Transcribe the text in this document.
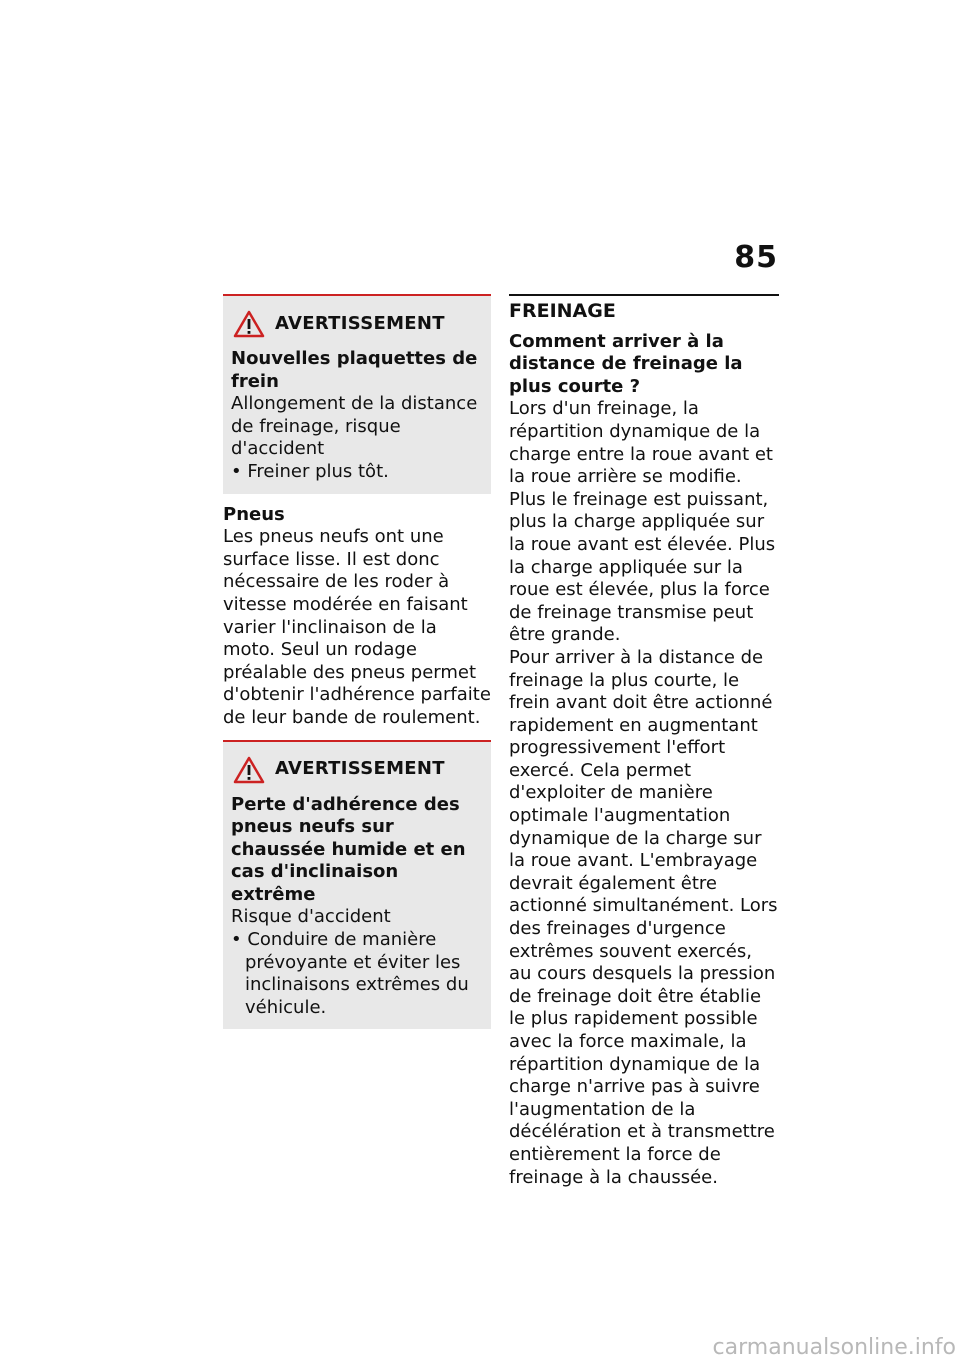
85
AVERTISSEMENT

Nouvelles plaquettes de frein

Allongement de la distance de freinage, risque d'accident

• Freiner plus tôt.

Pneus

Les pneus neufs ont une surface lisse. Il est donc nécessaire de les roder à vitesse modérée en faisant varier l'inclinaison de la moto. Seul un rodage préalable des pneus permet d'obtenir l'adhérence parfaite de leur bande de roulement.

AVERTISSEMENT

Perte d'adhérence des pneus neufs sur chaussée humide et en cas d'inclinaison extrême

Risque d'accident

• Conduire de manière prévoyante et éviter les inclinaisons extrêmes du véhicule.

FREINAGE

Comment arriver à la distance de freinage la plus courte ?

Lors d'un freinage, la répartition dynamique de la charge entre la roue avant et la roue arrière se modifie. Plus le freinage est puissant, plus la charge appliquée sur la roue avant est élevée. Plus la charge appliquée sur la roue est élevée, plus la force de freinage transmise peut être grande.

Pour arriver à la distance de freinage la plus courte, le frein avant doit être actionné rapidement en augmentant progressivement l'effort exercé. Cela permet d'exploiter de manière optimale l'augmentation dynamique de la charge sur la roue avant. L'embrayage devrait également être actionné simultanément. Lors des freinages d'urgence extrêmes souvent exercés, au cours desquels la pression de freinage doit être établie le plus rapidement possible avec la force maximale, la répartition dynamique de la charge n'arrive pas à suivre l'augmentation de la décélération et à transmettre entièrement la force de freinage à la chaussée.

carmanualsonline.info
